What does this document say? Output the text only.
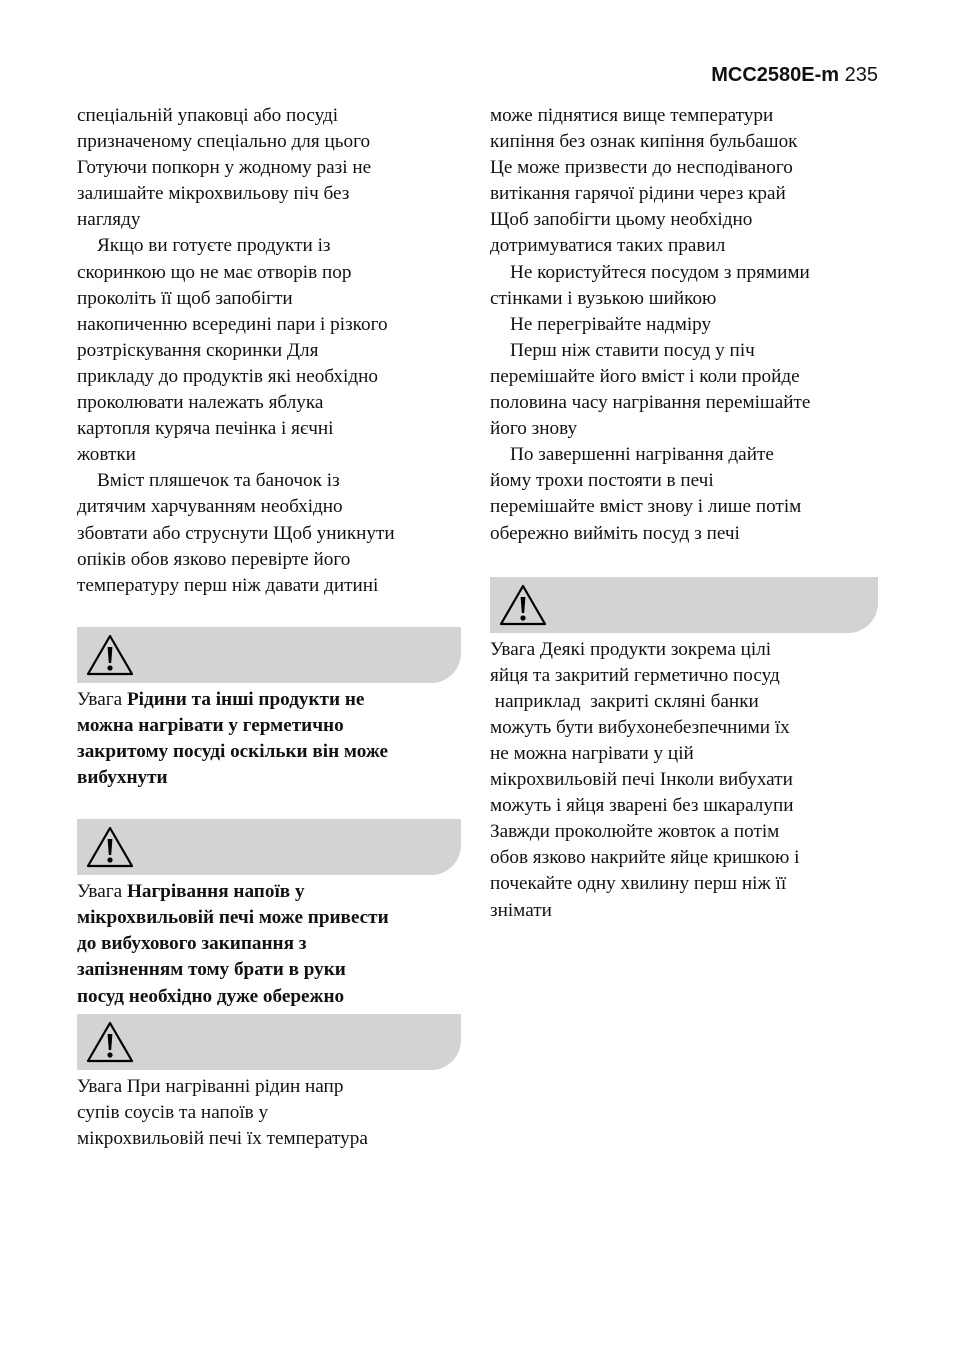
MCC2580E-m 235
спеціальній упаковці або посуді
призначеному спеціально для цього
Готуючи попкорн у жодному разі не
залишайте мікрохвильову піч без
нагляду
Якщо ви готуєте продукти із
скоринкою що не має отворів пор
проколіть її щоб запобігти
накопиченню всередині пари і різкого
розтріскування скоринки Для
прикладу до продуктів які необхідно
проколювати належать яблука
картопля куряча печінка і яєчні
жовтки
Вміст пляшечок та баночок із
дитячим харчуванням необхідно
збовтати або струснути Щоб уникнути
опіків обов язково перевірте його
температуру перш ніж давати дитині
Увага Рідини та інші продукти не
можна нагрівати у герметично
закритому посуді оскільки він може
вибухнути
Увага Нагрівання напоїв у
мікрохвильовій печі може привести
до вибухового закипання з
запізненням тому брати в руки
посуд необхідно дуже обережно
Увага При нагріванні рідин напр
супів соусів та напоїв у
мікрохвильовій печі їх температура
може піднятися вище температури
кипіння без ознак кипіння бульбашок
Це може призвести до несподіваного
витікання гарячої рідини через край
Щоб запобігти цьому необхідно
дотримуватися таких правил
Не користуйтеся посудом з прямими
стінками і вузькою шийкою
Не перегрівайте надміру
Перш ніж ставити посуд у піч
перемішайте його вміст і коли пройде
половина часу нагрівання перемішайте
його знову
По завершенні нагрівання дайте
йому трохи постояти в печі
перемішайте вміст знову і лише потім
обережно вийміть посуд з печі
Увага Деякі продукти зокрема цілі
яйця та закритий герметично посуд
наприклад  закриті скляні банки
можуть бути вибухонебезпечними їх
не можна нагрівати у цій
мікрохвильовій печі Інколи вибухати
можуть і яйця зварені без шкаралупи
Завжди проколюйте жовток а потім
обов язково накрийте яйце кришкою і
почекайте одну хвилину перш ніж її
знімати
